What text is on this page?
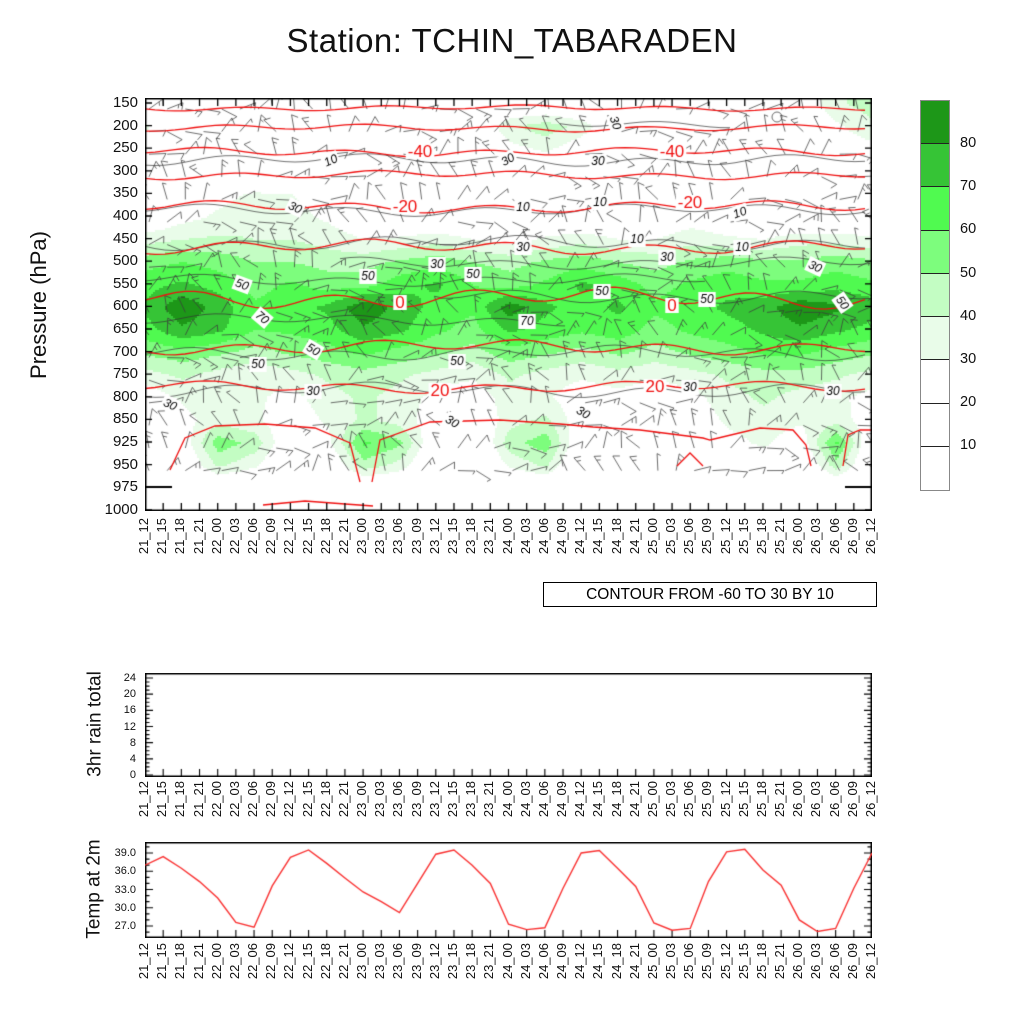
Station: TCHIN_TABARADEN
Pressure (hPa)
150
200
250
300
350
400
450
500
550
600
650
700
750
800
850
925
950
975
1000
21_12 21_15 21_18 21_21 22_00 22_03 22_06 22_09 22_12 22_15 22_18 22_21 23_00 23_03 23_06 23_09 23_12 23_15 23_18 23_21 24_00 24_03 24_06 24_09 24_12 24_15 24_18 24_21 25_00 25_03 25_06 25_09 25_12 25_15 25_18 25_21 26_00 26_03 26_06 26_09 26_12
CONTOUR FROM -60 TO 30 BY 10
80
70
60
50
40
30
20
10
3hr rain total	24
20
16
12
8
4
0
21_12 21_15 21_18 21_21 22_00 22_03 22_06 22_09 22_12 22_15 22_18 22_21 23_00 23_03 23_06 23_09 23_12 23_15 23_18 23_21 24_00 24_03 24_06 24_09 24_12 24_15 24_18 24_21 25_00 25_03 25_06 25_09 25_12 25_15 25_18 25_21 26_00 26_03 26_06 26_09 26_12
Temp at 2m 39.0
36.0
33.0
30.0
27.0
21_12 21_15 21_18 21_21 22_00 22_03 22_06 22_09 22_12 22_15 22_18 22_21 23_00 23_03 23_06 23_09 23_12 23_15 23_18 23_21 24_00 24_03 24_06 24_09 24_12 24_15 24_18 24_21 25_00 25_03 25_06 25_09 25_12 25_15 25_18 25_21 26_00 26_03 26_06 26_09 26_12
